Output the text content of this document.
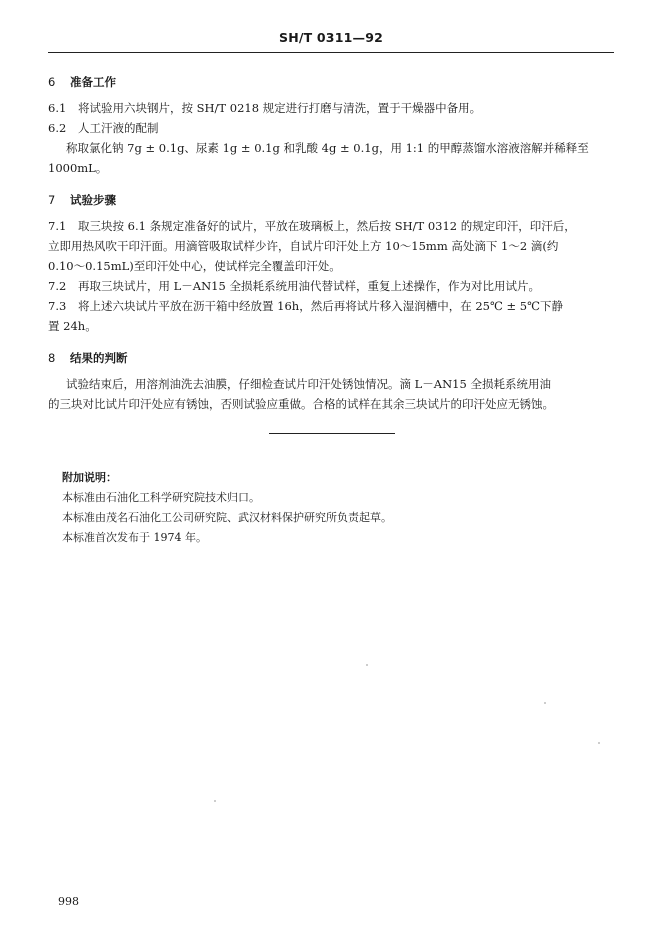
SH/T 0311—92
6 准备工作

6.1 将试验用六块钢片，按 SH/T 0218 规定进行打磨与清洗，置于干燥器中备用。

6.2 人工汗液的配制

称取氯化钠 7g ± 0.1g、尿素 1g ± 0.1g 和乳酸 4g ± 0.1g，用 1:1 的甲醇蒸馏水溶液溶解并稀释至

1000mL。

7 试验步骤

7.1 取三块按 6.1 条规定准备好的试片，平放在玻璃板上，然后按 SH/T 0312 的规定印汗，印汗后，

立即用热风吹干印汗面。用滴管吸取试样少许，自试片印汗处上方 10～15mm 高处滴下 1～2 滴(约

0.10～0.15mL)至印汗处中心，使试样完全覆盖印汗处。

7.2 再取三块试片，用 L－AN15 全损耗系统用油代替试样，重复上述操作，作为对比用试片。

7.3 将上述六块试片平放在沥干箱中经放置 16h，然后再将试片移入湿润槽中，在 25℃ ± 5℃下静

置 24h。

8 结果的判断

试验结束后，用溶剂油洗去油膜，仔细检查试片印汗处锈蚀情况。滴 L－AN15 全损耗系统用油

的三块对比试片印汗处应有锈蚀，否则试验应重做。合格的试样在其余三块试片的印汗处应无锈蚀。

附加说明：

本标准由石油化工科学研究院技术归口。

本标准由茂名石油化工公司研究院、武汉材料保护研究所负责起草。

本标准首次发布于 1974 年。

998
